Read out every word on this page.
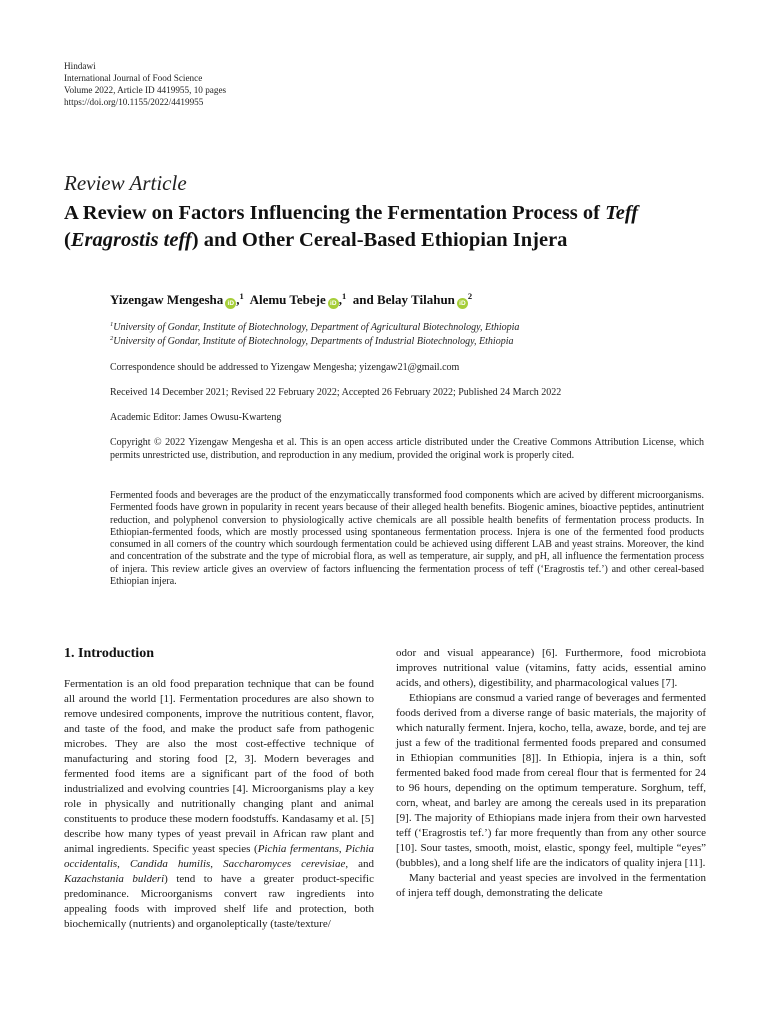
Hindawi
International Journal of Food Science
Volume 2022, Article ID 4419955, 10 pages
https://doi.org/10.1155/2022/4419955
Review Article
A Review on Factors Influencing the Fermentation Process of Teff (Eragrostis teff) and Other Cereal-Based Ethiopian Injera
Yizengaw Mengesha iD ,$^1$ Alemu Tebeje iD ,$^1$ and Belay Tilahun iD$^2$
$^1$University of Gondar, Institute of Biotechnology, Department of Agricultural Biotechnology, Ethiopia
$^2$University of Gondar, Institute of Biotechnology, Departments of Industrial Biotechnology, Ethiopia
Correspondence should be addressed to Yizengaw Mengesha; yizengaw21@gmail.com
Received 14 December 2021; Revised 22 February 2022; Accepted 26 February 2022; Published 24 March 2022
Academic Editor: James Owusu-Kwarteng
Copyright © 2022 Yizengaw Mengesha et al. This is an open access article distributed under the Creative Commons Attribution License, which permits unrestricted use, distribution, and reproduction in any medium, provided the original work is properly cited.
Fermented foods and beverages are the product of the enzymaticcally transformed food components which are acived by different microorganisms. Fermented foods have grown in popularity in recent years because of their alleged health benefits. Biogenic amines, bioactive peptides, antinutrient reduction, and polyphenol conversion to physiologically active chemicals are all possible health benefits of fermentation process products. In Ethiopian-fermented foods, which are mostly processed using spontaneous fermentation process. Injera is one of the fermented food products consumed in all corners of the country which sourdough fermentation could be achieved using different LAB and yeast strains. Moreover, the kind and concentration of the substrate and the type of microbial flora, as well as temperature, air supply, and pH, all influence the fermentation process of injera. This review article gives an overview of factors influencing the fermentation process of teff (‘Eragrostis tef.’) and other cereal-based Ethiopian injera.
1. Introduction

Fermentation is an old food preparation technique that can be found all around the world [1]. Fermentation procedures are also shown to remove undesired components, improve the nutritious content, flavor, and taste of the food, and make the product safe from pathogenic microbes. They are also the most cost-effective technique of manufacturing and storing food [2, 3]. Modern beverages and fermented food items are a significant part of the food of both industrialized and evolving countries [4]. Microorganisms play a key role in physically and nutritionally changing plant and animal constituents to produce these modern foodstuffs. Kandasamy et al. [5] describe how many types of yeast prevail in African raw plant and animal ingredients. Specific yeast species (Pichia fermentans, Pichia occidentalis, Candida humilis, Saccharomyces cerevisiae, and Kazachstania bulderi) tend to have a greater product-specific predominance. Microorganisms convert raw ingredients into appealing foods with improved shelf life and protection, both biochemically (nutrients) and organoleptically (taste/texture/

odor and visual appearance) [6]. Furthermore, food microbiota improves nutritional value (vitamins, fatty acids, essential amino acids, and others), digestibility, and pharmacological values [7].

Ethiopians are consmud a varied range of beverages and fermented foods derived from a diverse range of basic materials, the majority of which naturally ferment. Injera, kocho, tella, awaze, borde, and tej are just a few of the traditional fermented foods prepared and consumed in Ethiopian communities [8]]. In Ethiopia, injera is a thin, soft fermented baked food made from cereal flour that is fermented for 24 to 96 hours, depending on the optimum temperature. Sorghum, teff, corn, wheat, and barley are among the cereals used in its preparation [9]. The majority of Ethiopians made injera from their own harvested teff (‘Eragrostis tef.’) far more frequently than from any other source [10]. Sour tastes, smooth, moist, elastic, spongy feel, multiple “eyes” (bubbles), and a long shelf life are the indicators of quality injera [11].

Many bacterial and yeast species are involved in the fermentation of injera teff dough, demonstrating the delicate
